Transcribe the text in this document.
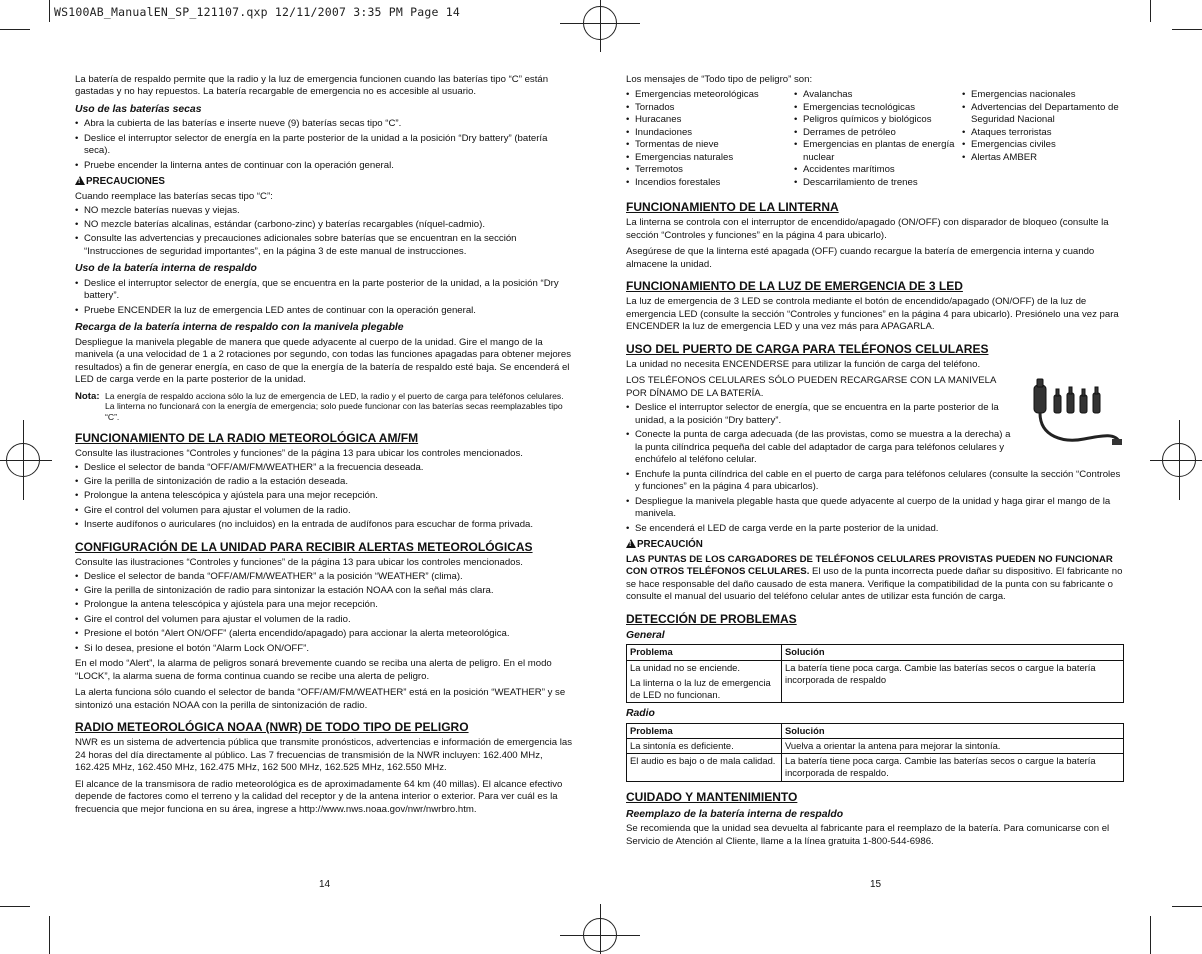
WS100AB_ManualEN_SP_121107.qxp 12/11/2007 3:35 PM Page 14

La batería de respaldo permite que la radio y la luz de emergencia funcionen cuando las baterías tipo “C” están gastadas y no hay repuestos. La batería recargable de emergencia no es accesible al usuario.

Uso de las baterías secas
• Abra la cubierta de las baterías e inserte nueve (9) baterías secas tipo “C”.
• Deslice el interruptor selector de energía en la parte posterior de la unidad a la posición “Dry battery” (batería seca).
• Pruebe encender la linterna antes de continuar con la operación general.
!PRECAUCIONES

Cuando reemplace las baterías secas tipo “C”:

• NO mezcle baterías nuevas y viejas.
• NO mezcle baterías alcalinas, estándar (carbono-zinc) y baterías recargables (níquel-cadmio).
• Consulte las advertencias y precauciones adicionales sobre baterías que se encuentran en la sección “Instrucciones de seguridad importantes”, en la página 3 de este manual de instrucciones.
Uso de la batería interna de respaldo
• Deslice el interruptor selector de energía, que se encuentra en la parte posterior de la unidad, a la posición “Dry battery”.
• Pruebe ENCENDER la luz de emergencia LED antes de continuar con la operación general.
Recarga de la batería interna de respaldo con la manivela plegable

Despliegue la manivela plegable de manera que quede adyacente al cuerpo de la unidad. Gire el mango de la manivela (a una velocidad de 1 a 2 rotaciones por segundo, con todas las funciones apagadas para obtener mejores resultados) a fin de generar energía, en caso de que la energía de la batería de respaldo esté baja. Se encenderá el LED de carga verde en la parte posterior de la unidad.

Nota: La energía de respaldo acciona sólo la luz de emergencia de LED, la radio y el puerto de carga para teléfonos celulares. La linterna no funcionará con la energía de emergencia; solo puede funcionar con las baterías secas reemplazables tipo “C”.
FUNCIONAMIENTO DE LA RADIO METEOROLÓGICA AM/FM

Consulte las ilustraciones “Controles y funciones” de la página 13 para ubicar los controles mencionados.

• Deslice el selector de banda “OFF/AM/FM/WEATHER” a la frecuencia deseada.
• Gire la perilla de sintonización de radio a la estación deseada.
• Prolongue la antena telescópica y ajústela para una mejor recepción.
• Gire el control del volumen para ajustar el volumen de la radio.
• Inserte audífonos o auriculares (no incluidos) en la entrada de audífonos para escuchar de forma privada.
CONFIGURACIÓN DE LA UNIDAD PARA RECIBIR ALERTAS METEOROLÓGICAS

Consulte las ilustraciones “Controles y funciones” de la página 13 para ubicar los controles mencionados.

• Deslice el selector de banda “OFF/AM/FM/WEATHER” a la posición “WEATHER” (clima).
• Gire la perilla de sintonización de radio para sintonizar la estación NOAA con la señal más clara.
• Prolongue la antena telescópica y ajústela para una mejor recepción.
• Gire el control del volumen para ajustar el volumen de la radio.
• Presione el botón “Alert ON/OFF” (alerta encendido/apagado) para accionar la alerta meteorológica.
• Si lo desea, presione el botón “Alarm Lock ON/OFF”.

En el modo “Alert”, la alarma de peligros sonará brevemente cuando se reciba una alerta de peligro. En el modo “LOCK”, la alarma suena de forma continua cuando se recibe una alerta de peligro.

La alerta funciona sólo cuando el selector de banda “OFF/AM/FM/WEATHER” está en la posición “WEATHER” y se sintonizó una estación NOAA con la perilla de sintonización de radio.

RADIO METEOROLÓGICA NOAA (NWR) DE TODO TIPO DE PELIGRO

NWR es un sistema de advertencia pública que transmite pronósticos, advertencias e información de emergencia las 24 horas del día directamente al público. Las 7 frecuencias de transmisión de la NWR incluyen: 162.400 MHz, 162.425 MHz, 162.450 MHz, 162.475 MHz, 162 500 MHz, 162.525 MHz, 162.550 MHz.

El alcance de la transmisora de radio meteorológica es de aproximadamente 64 km (40 millas). El alcance efectivo depende de factores como el terreno y la calidad del receptor y de la antena interior o exterior. Para ver cuál es la frecuencia que mejor funciona en su área, ingrese a http://www.nws.noaa.gov/nwr/nwrbro.htm.

14

Los mensajes de “Todo tipo de peligro” son:

• Emergencias meteorológicas
• Tornados
• Huracanes
• Inundaciones
• Tormentas de nieve
• Emergencias naturales
• Terremotos
• Incendios forestales
• Avalanchas
• Emergencias tecnológicas
• Peligros químicos y biológicos
• Derrames de petróleo
• Emergencias en plantas de energía nuclear
• Accidentes marítimos
• Descarrilamiento de trenes
• Emergencias nacionales
• Advertencias del Departamento de Seguridad Nacional
• Ataques terroristas
• Emergencias civiles
• Alertas AMBER
FUNCIONAMIENTO DE LA LINTERNA

La linterna se controla con el interruptor de encendido/apagado (ON/OFF) con disparador de bloqueo (consulte la sección “Controles y funciones” en la página 4 para ubicarlo).

Asegúrese de que la linterna esté apagada (OFF) cuando recargue la batería de emergencia interna y cuando almacene la unidad.

FUNCIONAMIENTO DE LA LUZ DE EMERGENCIA DE 3 LED

La luz de emergencia de 3 LED se controla mediante el botón de encendido/apagado (ON/OFF) de la luz de emergencia LED (consulte la sección “Controles y funciones” en la página 4 para ubicarlo). Presiónelo una vez para ENCENDER la luz de emergencia LED y una vez más para APAGARLA.

USO DEL PUERTO DE CARGA PARA TELÉFONOS CELULARES

La unidad no necesita ENCENDERSE para utilizar la función de carga del teléfono.

LOS TELÉFONOS CELULARES SÓLO PUEDEN RECARGARSE CON LA MANIVELA POR DÍNAMO DE LA BATERÍA.

• Deslice el interruptor selector de energía, que se encuentra en la parte posterior de la unidad, a la posición “Dry battery”.
• Conecte la punta de carga adecuada (de las provistas, como se muestra a la derecha) a la punta cilíndrica pequeña del cable del adaptador de carga para teléfonos celulares y enchúfelo al teléfono celular.
• Enchufe la punta cilíndrica del cable en el puerto de carga para teléfonos celulares (consulte la sección “Controles y funciones” en la página 4 para ubicarlos).
• Despliegue la manivela plegable hasta que quede adyacente al cuerpo de la unidad y haga girar el mango de la manivela.
• Se encenderá el LED de carga verde en la parte posterior de la unidad.
!PRECAUCIÓN

LAS PUNTAS DE LOS CARGADORES DE TELÉFONOS CELULARES PROVISTAS PUEDEN NO FUNCIONAR CON OTROS TELÉFONOS CELULARES. El uso de la punta incorrecta puede dañar su dispositivo. El fabricante no se hace responsable del daño causado de esta manera. Verifique la compatibilidad de la punta con su fabricante o consulte el manual del usuario del teléfono celular antes de utilizar esta función de carga.

DETECCIÓN DE PROBLEMAS
General
Problema	Solución

La unidad no se enciende.
La linterna o la luz de emergencia de LED no funcionan.	La batería tiene poca carga. Cambie las baterías secos o cargue la batería incorporada de respaldo
Radio
Problema	Solución
La sintonía es deficiente.	Vuelva a orientar la antena para mejorar la sintonía.
El audio es bajo o de mala calidad.	La batería tiene poca carga. Cambie las baterías secos o cargue la batería incorporada de respaldo.
CUIDADO Y MANTENIMIENTO
Reemplazo de la batería interna de respaldo

Se recomienda que la unidad sea devuelta al fabricante para el reemplazo de la batería. Para comunicarse con el Servicio de Atención al Cliente, llame a la línea gratuita 1-800-544-6986.

15
